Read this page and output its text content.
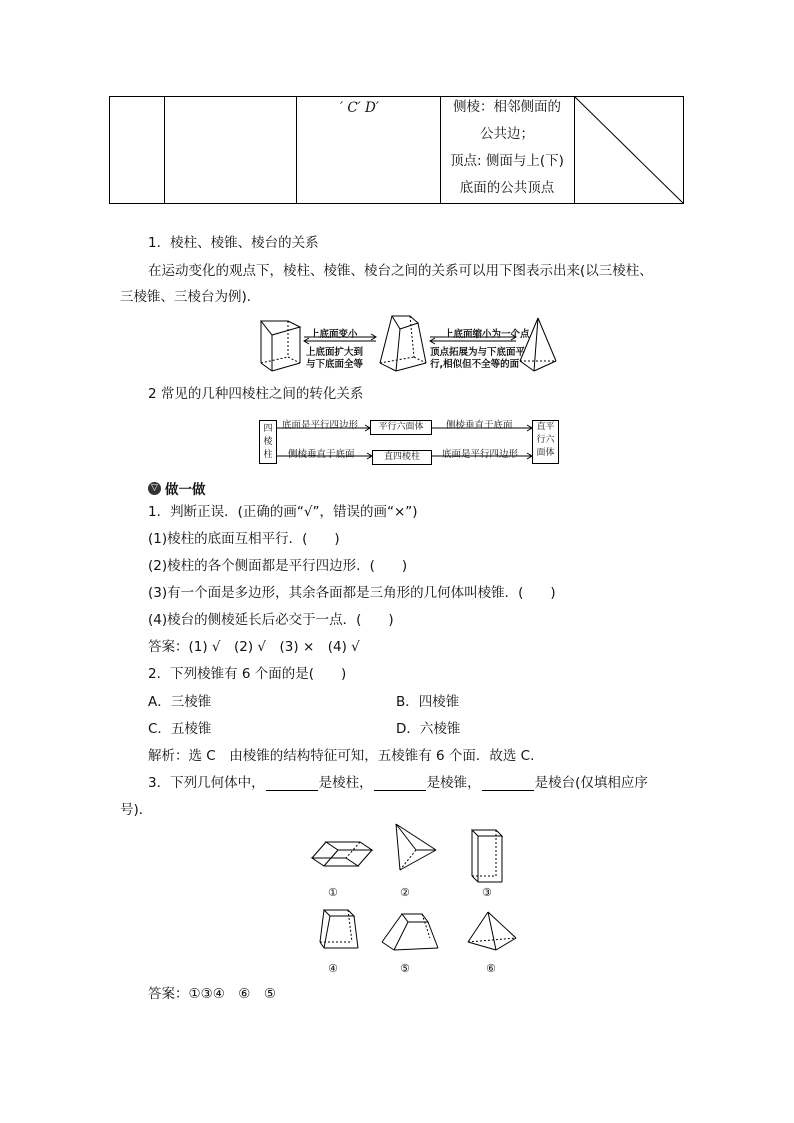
′ C′ D′	侧棱：相邻侧面的
公共边；
顶点: 侧面与上(下)
底面的公共顶点
1．棱柱、棱锥、棱台的关系
在运动变化的观点下，棱柱、棱锥、棱台之间的关系可以用下图表示出来(以三棱柱、
三棱锥、三棱台为例)．
上底面变小
上底面扩大到
与下底面全等
上底面缩小为一个点
顶点拓展为与下底面平
行,相似但不全等的面
2 常见的几种四棱柱之间的转化关系
四
棱
柱
平行六面体
直四棱柱
直平
行六
面体
底面是平行四边形	侧棱垂直于底面
侧棱垂直于底面	底面是平行四边形
▽ 做一做
1．判断正误．(正确的画“√”，错误的画“×”)
(1)棱柱的底面互相平行．(　　)
(2)棱柱的各个侧面都是平行四边形．(　　)
(3)有一个面是多边形，其余各面都是三角形的几何体叫棱锥．(　　)
(4)棱台的侧棱延长后必交于一点．(　　)
答案：(1) √　(2) √　(3) ×　(4) √
2．下列棱锥有 6 个面的是(　　)
A．三棱锥	B．四棱锥
C．五棱锥	D．六棱锥
解析：选 C　由棱锥的结构特征可知，五棱锥有 6 个面．故选 C.
3．下列几何体中，	是棱柱，	是棱锥，	是棱台(仅填相应序
号)．
①	②	③
④	⑤	⑥
答案：①③④　⑥　⑤
